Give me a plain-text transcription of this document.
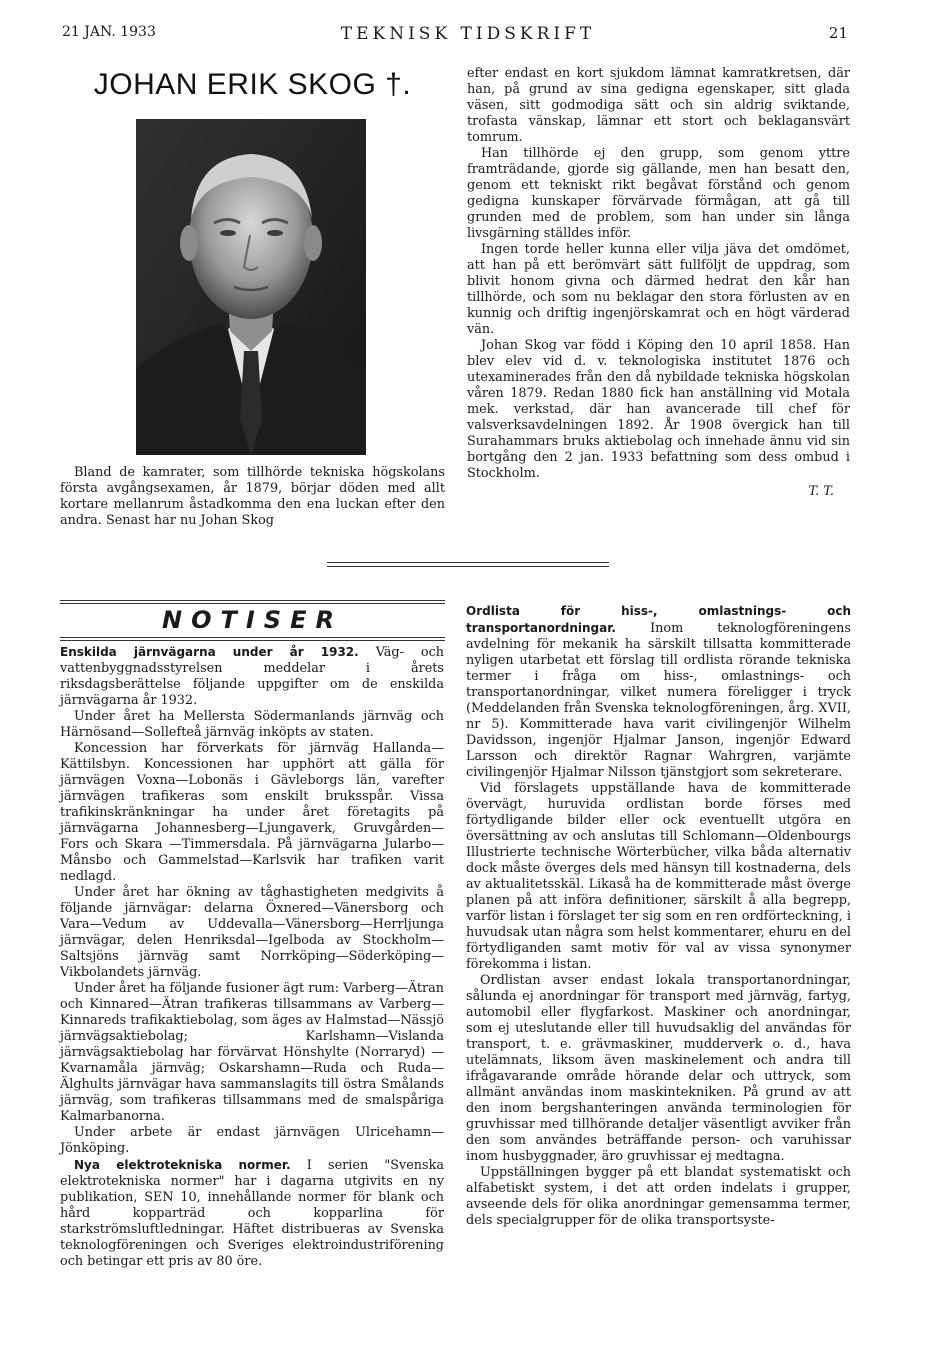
21 JAN. 1933	TEKNISK TIDSKRIFT	21
JOHAN ERIK SKOG †.

Bland de kamrater, som tillhörde tekniska högskolans första avgångsexamen, år 1879, börjar döden med allt kortare mellanrum åstadkomma den ena luckan efter den andra. Senast har nu Johan Skog

efter endast en kort sjukdom lämnat kamratkretsen, där han, på grund av sina gedigna egenskaper, sitt glada väsen, sitt godmodiga sätt och sin aldrig sviktande, trofasta vänskap, lämnar ett stort och beklagansvärt tomrum.

Han tillhörde ej den grupp, som genom yttre framträdande, gjorde sig gällande, men han besatt den, genom ett tekniskt rikt begåvat förstånd och genom gedigna kunskaper förvärvade förmågan, att gå till grunden med de problem, som han under sin långa livsgärning ställdes inför.

Ingen torde heller kunna eller vilja jäva det omdömet, att han på ett berömvärt sätt fullföljt de uppdrag, som blivit honom givna och därmed hedrat den kår han tillhörde, och som nu beklagar den stora förlusten av en kunnig och driftig ingenjörskamrat och en högt värderad vän.

Johan Skog var född i Köping den 10 april 1858. Han blev elev vid d. v. teknologiska institutet 1876 och utexaminerades från den då nybildade tekniska högskolan våren 1879. Redan 1880 fick han anställning vid Motala mek. verkstad, där han avancerade till chef för valsverksavdelningen 1892. År 1908 övergick han till Surahammars bruks aktiebolag och innehade ännu vid sin bortgång den 2 jan. 1933 befattning som dess ombud i Stockholm.

T. T.
NOTISER

Enskilda järnvägarna under år 1932. Väg- och vattenbyggnadsstyrelsen meddelar i årets riksdagsberättelse följande uppgifter om de enskilda järnvägarna år 1932.

Under året ha Mellersta Södermanlands järnväg och Härnösand—Sollefteå järnväg inköpts av staten.

Koncession har förverkats för järnväg Hallanda—Kättilsbyn. Koncessionen har upphört att gälla för järnvägen Voxna—Lobonäs i Gävleborgs län, varefter järnvägen trafikeras som enskilt bruksspår. Vissa trafikinskränkningar ha under året företagits på järnvägarna Johannesberg—Ljungaverk, Gruvgården—Fors och Skara —Timmersdala. På järnvägarna Jularbo—Månsbo och Gammelstad—Karlsvik har trafiken varit nedlagd.

Under året har ökning av tåghastigheten medgivits å följande järnvägar: delarna Öxnered—Vänersborg och Vara—Vedum av Uddevalla—Vänersborg—Herrljunga järnvägar, delen Henriksdal—Igelboda av Stockholm—Saltsjöns järnväg samt Norrköping—Söderköping—Vikbolandets järnväg.

Under året ha följande fusioner ägt rum: Varberg—Ätran och Kinnared—Ätran trafikeras tillsammans av Varberg—Kinnareds trafikaktiebolag, som äges av Halmstad—Nässjö järnvägsaktiebolag; Karlshamn—Vislanda järnvägsaktiebolag har förvärvat Hönshylte (Norraryd) —Kvarnamåla järnväg; Oskarshamn—Ruda och Ruda—Älghults järnvägar hava sammanslagits till östra Smålands järnväg, som trafikeras tillsammans med de smalspåriga Kalmarbanorna.

Under arbete är endast järnvägen Ulricehamn—Jönköping.

Nya elektrotekniska normer. I serien "Svenska elektrotekniska normer" har i dagarna utgivits en ny publikation, SEN 10, innehållande normer för blank och hård kopparträd och kopparlina för starkströmsluftledningar. Häftet distribueras av Svenska teknologföreningen och Sveriges elektroindustriförening och betingar ett pris av 80 öre.

Ordlista för hiss-, omlastnings- och transportanordningar. Inom teknologföreningens avdelning för mekanik ha särskilt tillsatta kommitterade nyligen utarbetat ett förslag till ordlista rörande tekniska termer i fråga om hiss-, omlastnings- och transportanordningar, vilket numera föreligger i tryck (Meddelanden från Svenska teknologföreningen, årg. XVII, nr 5). Kommitterade hava varit civilingenjör Wilhelm Davidsson, ingenjör Hjalmar Janson, ingenjör Edward Larsson och direktör Ragnar Wahrgren, varjämte civilingenjör Hjalmar Nilsson tjänstgjort som sekreterare.

Vid förslagets uppställande hava de kommitterade övervägt, huruvida ordlistan borde förses med förtydligande bilder eller ock eventuellt utgöra en översättning av och anslutas till Schlomann—Oldenbourgs Illustrierte technische Wörterbücher, vilka båda alternativ dock måste överges dels med hänsyn till kostnaderna, dels av aktualitetsskäl. Likaså ha de kommitterade måst överge planen på att införa definitioner, särskilt å alla begrepp, varför listan i förslaget ter sig som en ren ordförteckning, i huvudsak utan några som helst kommentarer, ehuru en del förtydliganden samt motiv för val av vissa synonymer förekomma i listan.

Ordlistan avser endast lokala transportanordningar, sålunda ej anordningar för transport med järnväg, fartyg, automobil eller flygfarkost. Maskiner och anordningar, som ej uteslutande eller till huvudsaklig del användas för transport, t. e. grävmaskiner, mudderverk o. d., hava utelämnats, liksom även maskinelement och andra till ifrågavarande område hörande delar och uttryck, som allmänt användas inom maskintekniken. På grund av att den inom bergshanteringen använda terminologien för gruvhissar med tillhörande detaljer väsentligt avviker från den som användes beträffande person- och varuhissar inom husbyggnader, äro gruvhissar ej medtagna.

Uppställningen bygger på ett blandat systematiskt och alfabetiskt system, i det att orden indelats i grupper, avseende dels för olika anordningar gemensamma termer, dels specialgrupper för de olika transportsyste-
